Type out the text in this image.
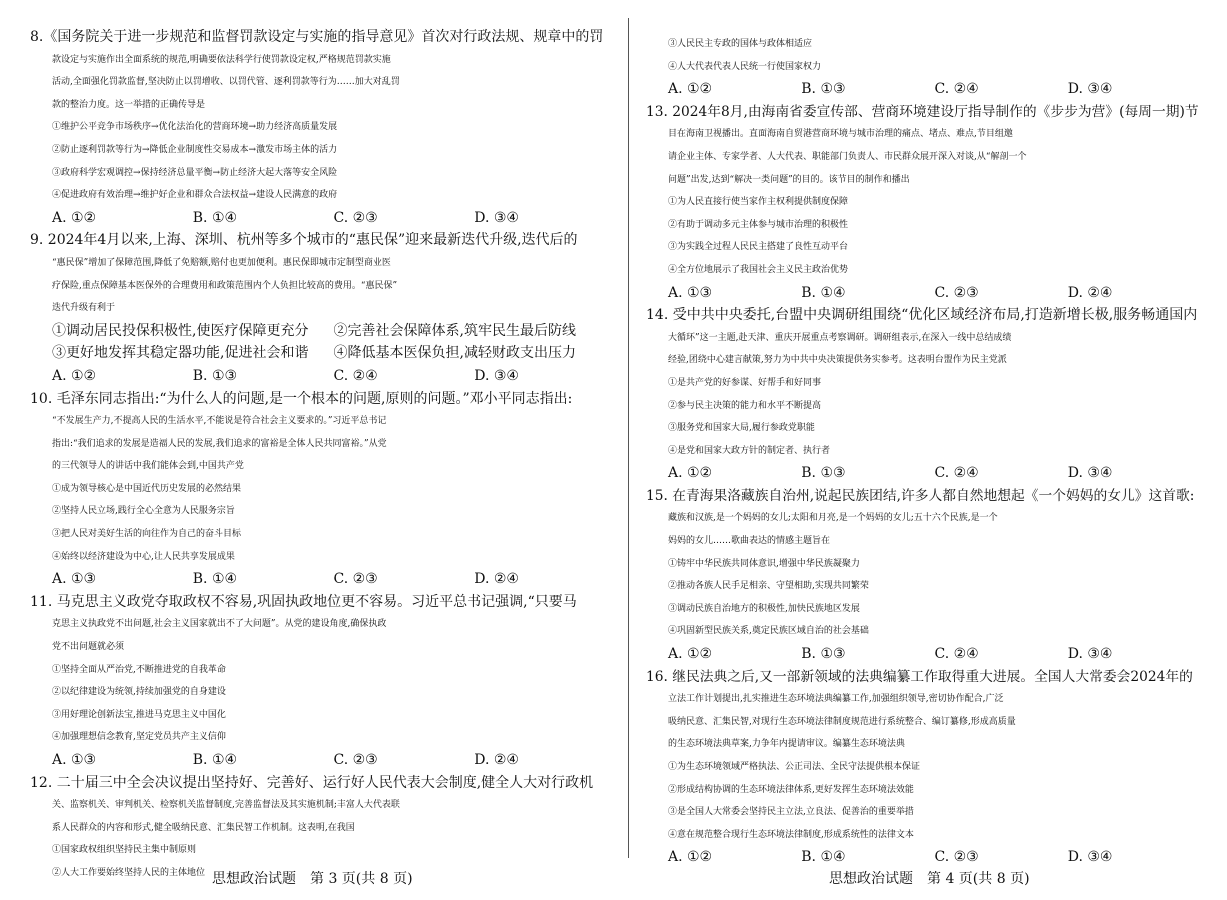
8.《国务院关于进一步规范和监督罚款设定与实施的指导意见》首次对行政法规、规章中的罚

款设定与实施作出全面系统的规范,明确要依法科学行使罚款设定权,严格规范罚款实施

活动,全面强化罚款监督,坚决防止以罚增收、以罚代管、逐利罚款等行为……加大对乱罚

款的整治力度。这一举措的正确传导是

①维护公平竞争市场秩序→优化法治化的营商环境→助力经济高质量发展

②防止逐利罚款等行为→降低企业制度性交易成本→激发市场主体的活力

③政府科学宏观调控→保持经济总量平衡→防止经济大起大落等安全风险

④促进政府有效治理→维护好企业和群众合法权益→建设人民满意的政府

A. ①②	B. ①④	C. ②③	D. ③④

9. 2024年4月以来,上海、深圳、杭州等多个城市的“惠民保”迎来最新迭代升级,迭代后的

“惠民保”增加了保障范围,降低了免赔额,赔付也更加便利。惠民保即城市定制型商业医

疗保险,重点保障基本医保外的合理费用和政策范围内个人负担比较高的费用。“惠民保”

迭代升级有利于

①调动居民投保积极性,使医疗保障更充分	②完善社会保障体系,筑牢民生最后防线
③更好地发挥其稳定器功能,促进社会和谐	④降低基本医保负担,减轻财政支出压力
A. ①②	B. ①③	C. ②④	D. ③④

10. 毛泽东同志指出:“为什么人的问题,是一个根本的问题,原则的问题。”邓小平同志指出:

“不发展生产力,不提高人民的生活水平,不能说是符合社会主义要求的。”习近平总书记

指出:“我们追求的发展是造福人民的发展,我们追求的富裕是全体人民共同富裕。”从党

的三代领导人的讲话中我们能体会到,中国共产党

①成为领导核心是中国近代历史发展的必然结果

②坚持人民立场,践行全心全意为人民服务宗旨

③把人民对美好生活的向往作为自己的奋斗目标

④始终以经济建设为中心,让人民共享发展成果

A. ①③	B. ①④	C. ②③	D. ②④

11. 马克思主义政党夺取政权不容易,巩固执政地位更不容易。习近平总书记强调,“只要马

克思主义执政党不出问题,社会主义国家就出不了大问题”。从党的建设角度,确保执政

党不出问题就必须

①坚持全面从严治党,不断推进党的自我革命

②以纪律建设为统领,持续加强党的自身建设

③用好理论创新法宝,推进马克思主义中国化

④加强理想信念教育,坚定党员共产主义信仰

A. ①③	B. ①④	C. ②③	D. ②④

12. 二十届三中全会决议提出坚持好、完善好、运行好人民代表大会制度,健全人大对行政机

关、监察机关、审判机关、检察机关监督制度,完善监督法及其实施机制;丰富人大代表联

系人民群众的内容和形式,健全吸纳民意、汇集民智工作机制。这表明,在我国

①国家政权组织坚持民主集中制原则

②人大工作要始终坚持人民的主体地位

③人民民主专政的国体与政体相适应

④人大代表代表人民统一行使国家权力

A. ①②	B. ①③	C. ②④	D. ③④

13. 2024年8月,由海南省委宣传部、营商环境建设厅指导制作的《步步为营》(每周一期)节

目在海南卫视播出。直面海南自贸港营商环境与城市治理的痛点、堵点、难点,节目组邀

请企业主体、专家学者、人大代表、职能部门负责人、市民群众展开深入对谈,从“解剖一个

问题”出发,达到“解决一类问题”的目的。该节目的制作和播出

①为人民直接行使当家作主权利提供制度保障

②有助于调动多元主体参与城市治理的积极性

③为实践全过程人民民主搭建了良性互动平台

④全方位地展示了我国社会主义民主政治优势

A. ①③	B. ①④	C. ②③	D. ②④

14. 受中共中央委托,台盟中央调研组围绕“优化区域经济布局,打造新增长极,服务畅通国内

大循环”这一主题,赴天津、重庆开展重点考察调研。调研组表示,在深入一线中总结成绩

经验,团绕中心建言献策,努力为中共中央决策提供务实参考。这表明台盟作为民主党派

①是共产党的好参谋、好帮手和好同事

②参与民主决策的能力和水平不断提高

③服务党和国家大局,履行参政党职能

④是党和国家大政方针的制定者、执行者

A. ①②	B. ①③	C. ②④	D. ③④

15. 在青海果洛藏族自治州,说起民族团结,许多人都自然地想起《一个妈妈的女儿》这首歌:

藏族和汉族,是一个妈妈的女儿;太阳和月亮,是一个妈妈的女儿;五十六个民族,是一个

妈妈的女儿……歌曲表达的情感主题旨在

①铸牢中华民族共同体意识,增强中华民族凝聚力

②推动各族人民手足相亲、守望相助,实现共同繁荣

③调动民族自治地方的积极性,加快民族地区发展

④巩固新型民族关系,奠定民族区域自治的社会基础

A. ①②	B. ①③	C. ②④	D. ③④

16. 继民法典之后,又一部新领域的法典编纂工作取得重大进展。全国人大常委会2024年的

立法工作计划提出,扎实推进生态环境法典编纂工作,加强组织领导,密切协作配合,广泛

吸纳民意、汇集民智,对现行生态环境法律制度规范进行系统整合、编订纂修,形成高质量

的生态环境法典草案,力争年内提请审议。编纂生态环境法典

①为生态环境领域严格执法、公正司法、全民守法提供根本保证

②形成结构协调的生态环境法律体系,更好发挥生态环境法效能

③是全国人大常委会坚持民主立法,立良法、促善治的重要举措

④意在规范整合现行生态环境法律制度,形成系统性的法律文本

A. ①②	B. ①④	C. ②③	D. ③④
思想政治试题　第 3 页(共 8 页)	思想政治试题　第 4 页(共 8 页)
